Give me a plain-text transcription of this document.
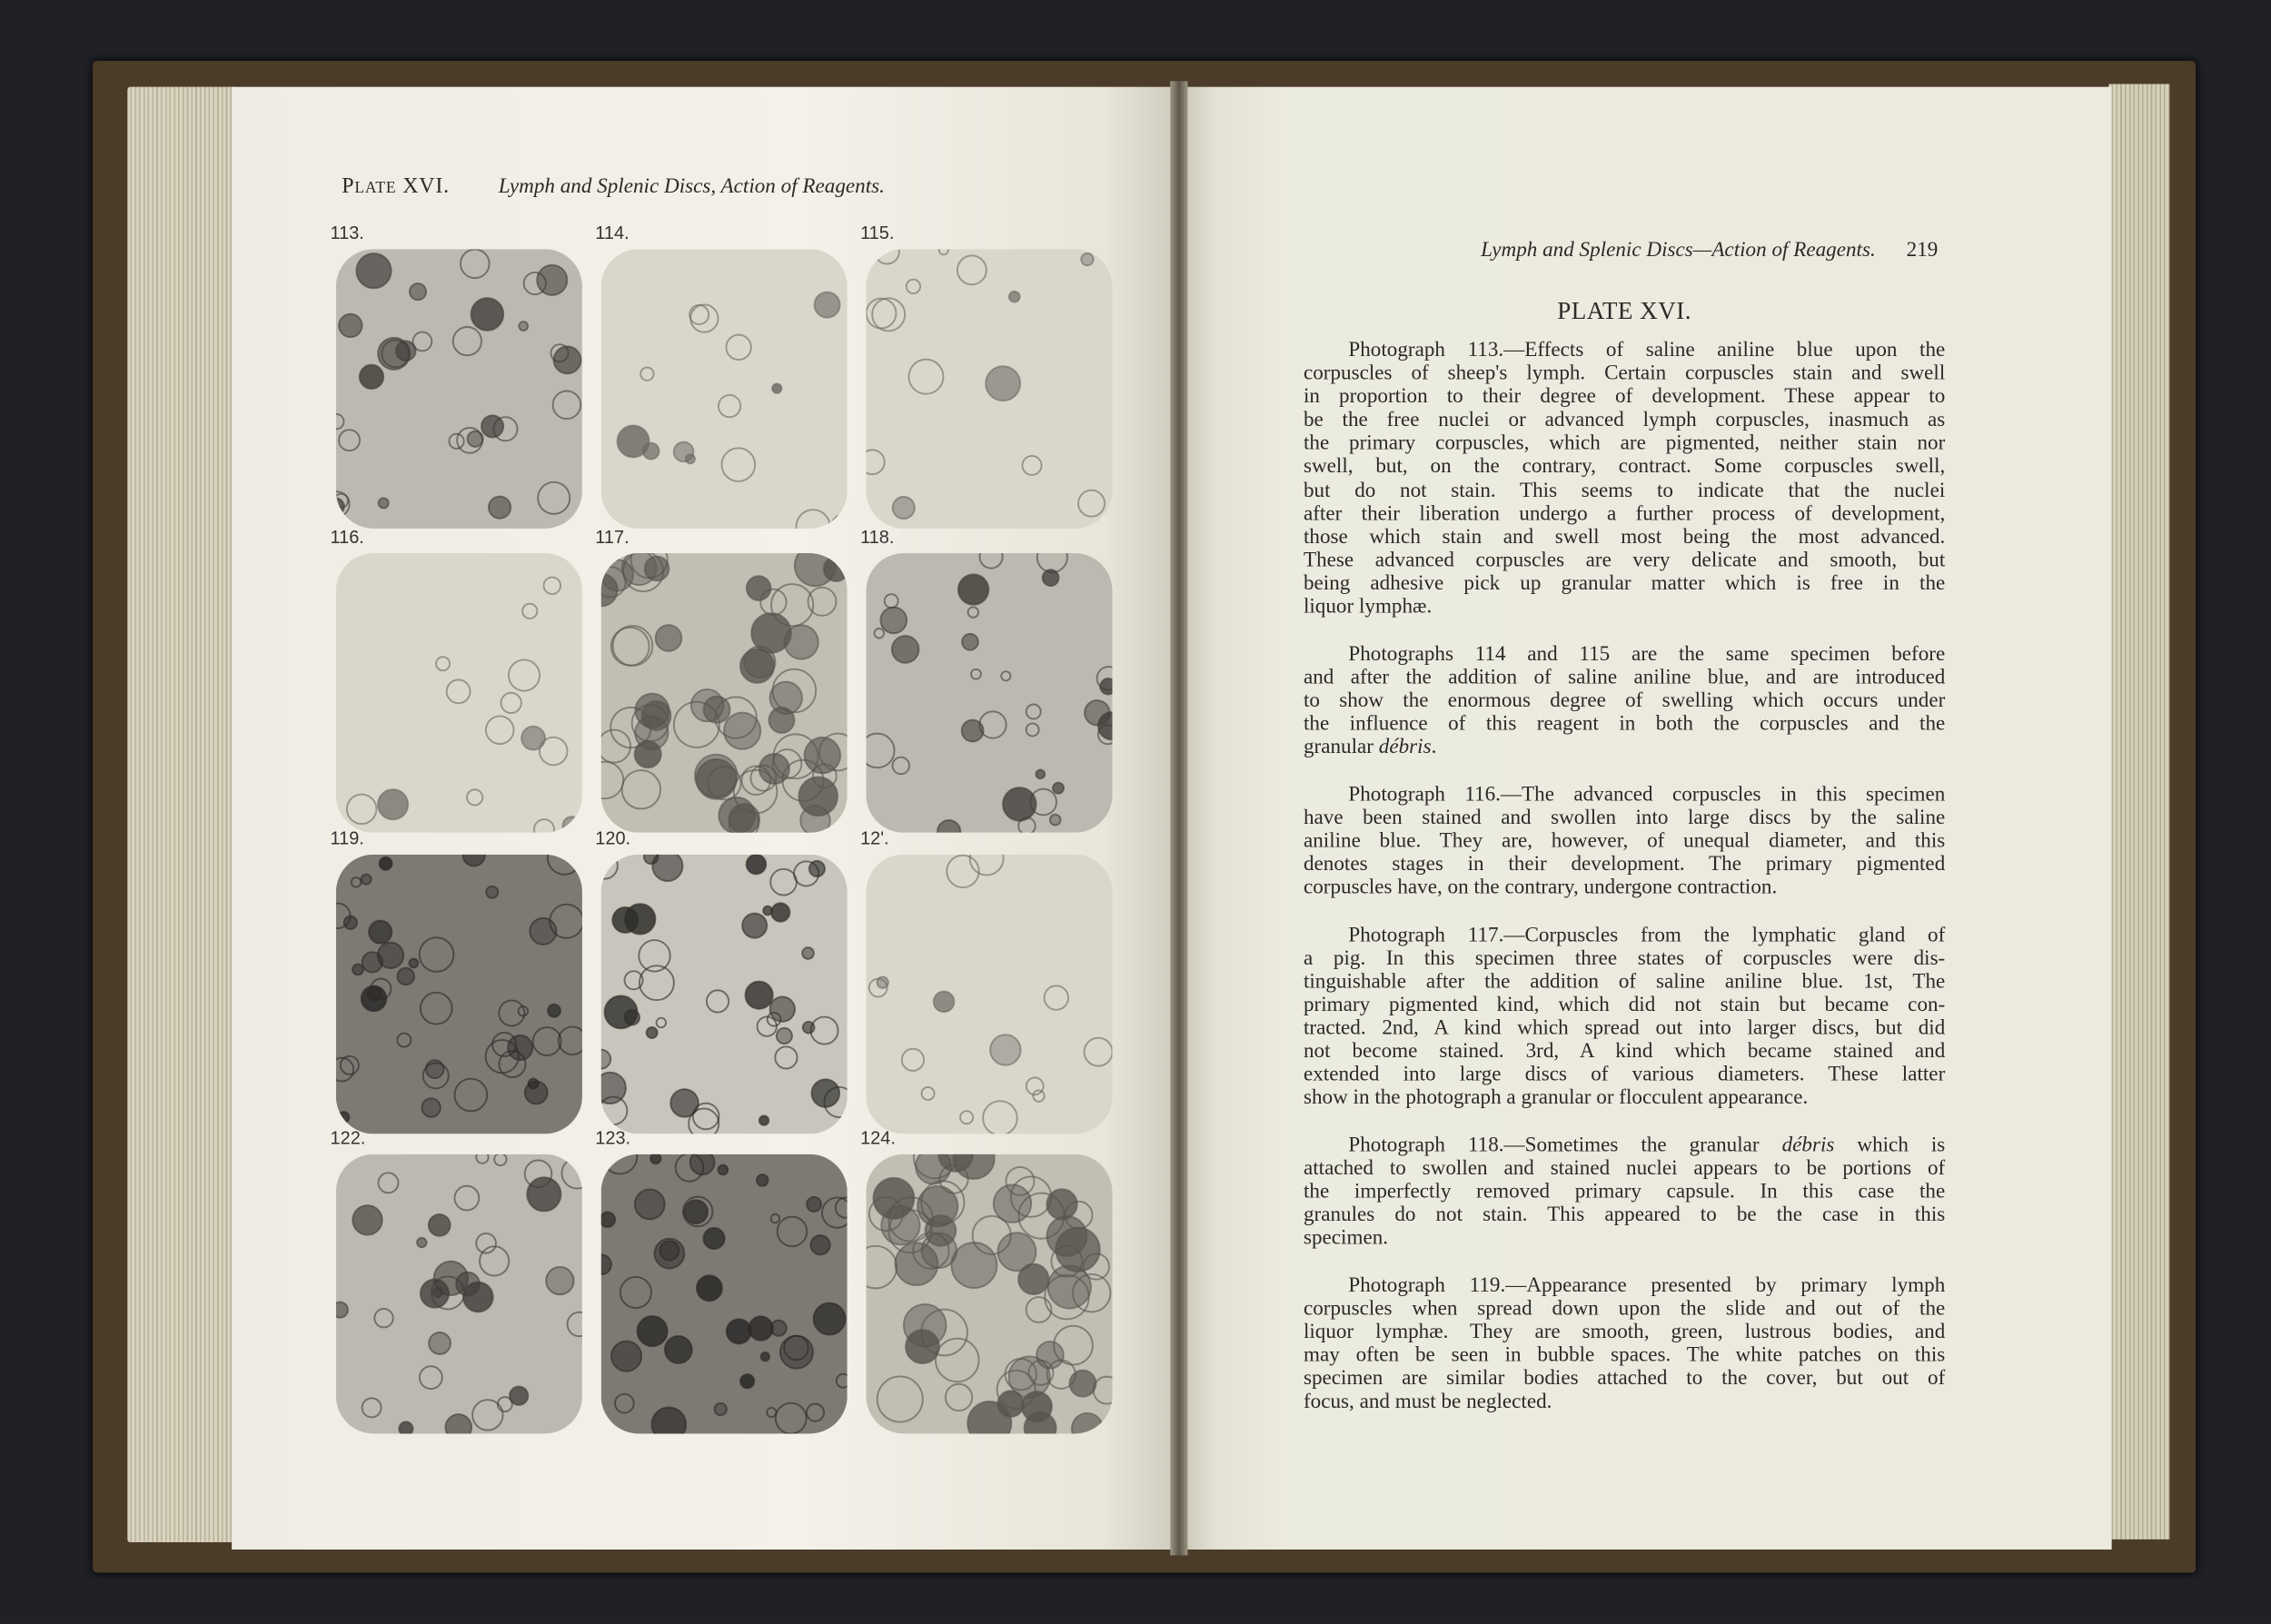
Plate XVI.	Lymph and Splenic Discs, Action of Reagents.
113.	114.	115.
116.	117.	118.
119.	120.	12'.
122.	123.	124.
Lymph and Splenic Discs—Action of Reagents. 219
PLATE XVI.
Photograph 113.—Effects of saline aniline blue upon the
corpuscles of sheep's lymph. Certain corpuscles stain and swell
in proportion to their degree of development. These appear to
be the free nuclei or advanced lymph corpuscles, inasmuch as
the primary corpuscles, which are pigmented, neither stain nor
swell, but, on the contrary, contract. Some corpuscles swell,
but do not stain. This seems to indicate that the nuclei
after their liberation undergo a further process of development,
those which stain and swell most being the most advanced.
These advanced corpuscles are very delicate and smooth, but
being adhesive pick up granular matter which is free in the
liquor lymphæ.
Photographs 114 and 115 are the same specimen before
and after the addition of saline aniline blue, and are introduced
to show the enormous degree of swelling which occurs under
the influence of this reagent in both the corpuscles and the
granular débris.
Photograph 116.—The advanced corpuscles in this specimen
have been stained and swollen into large discs by the saline
aniline blue. They are, however, of unequal diameter, and this
denotes stages in their development. The primary pigmented
corpuscles have, on the contrary, undergone contraction.
Photograph 117.—Corpuscles from the lymphatic gland of
a pig. In this specimen three states of corpuscles were dis-
tinguishable after the addition of saline aniline blue. 1st, The
primary pigmented kind, which did not stain but became con-
tracted. 2nd, A kind which spread out into larger discs, but did
not become stained. 3rd, A kind which became stained and
extended into large discs of various diameters. These latter
show in the photograph a granular or flocculent appearance.
Photograph 118.—Sometimes the granular débris which is
attached to swollen and stained nuclei appears to be portions of
the imperfectly removed primary capsule. In this case the
granules do not stain. This appeared to be the case in this
specimen.
Photograph 119.—Appearance presented by primary lymph
corpuscles when spread down upon the slide and out of the
liquor lymphæ. They are smooth, green, lustrous bodies, and
may often be seen in bubble spaces. The white patches on this
specimen are similar bodies attached to the cover, but out of
focus, and must be neglected.
